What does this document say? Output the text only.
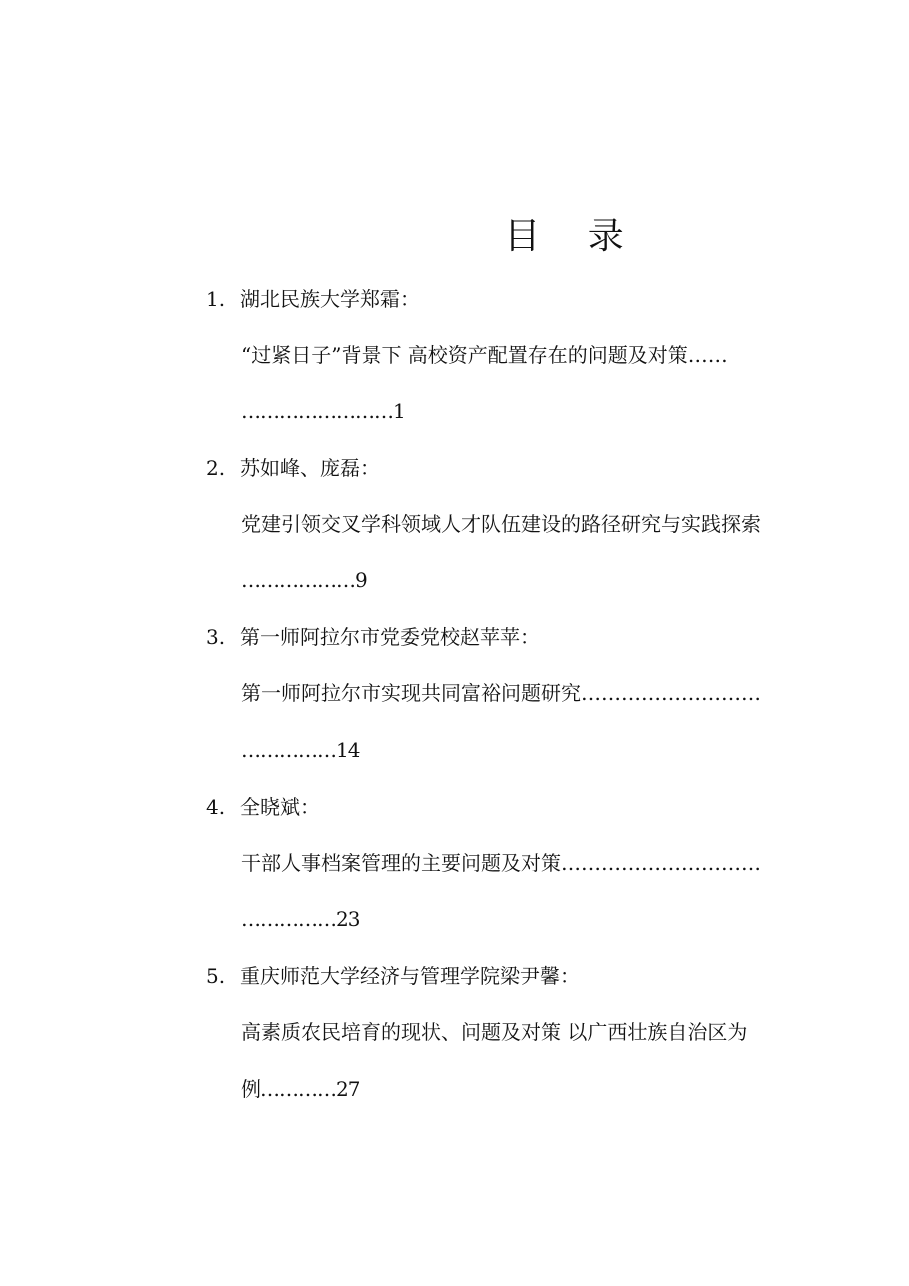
目 录
1. 湖北民族大学郑霜：
“过紧日子”背景下 高校资产配置存在的问题及对策……
……………………1
2. 苏如峰、庞磊：
党建引领交叉学科领域人才队伍建设的路径研究与实践探索
………………9
3. 第一师阿拉尔市党委党校赵苹苹：
第一师阿拉尔市实现共同富裕问题研究………………………
……………14
4. 全晓斌：
干部人事档案管理的主要问题及对策…………………………
……………23
5. 重庆师范大学经济与管理学院梁尹馨：
高素质农民培育的现状、问题及对策 以广西壮族自治区为
例…………27
